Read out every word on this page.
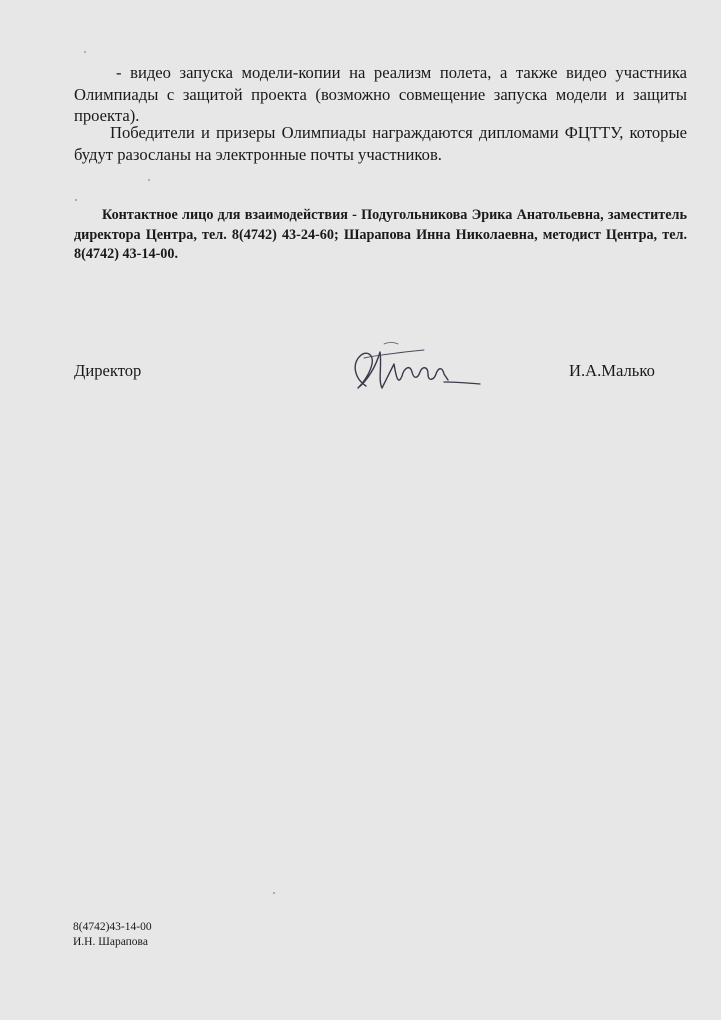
- видео запуска модели-копии на реализм полета, а также видео участника Олимпиады с защитой проекта (возможно совмещение запуска модели и защиты проекта).

Победители и призеры Олимпиады награждаются дипломами ФЦТТУ, которые будут разосланы на электронные почты участников.

Контактное лицо для взаимодействия - Подугольникова Эрика Анатольевна, заместитель директора Центра, тел. 8(4742) 43-24-60; Шарапова Инна Николаевна, методист Центра, тел. 8(4742) 43-14-00.

Директор	И.А.Малько
8(4742)43-14-00
И.Н. Шарапова
